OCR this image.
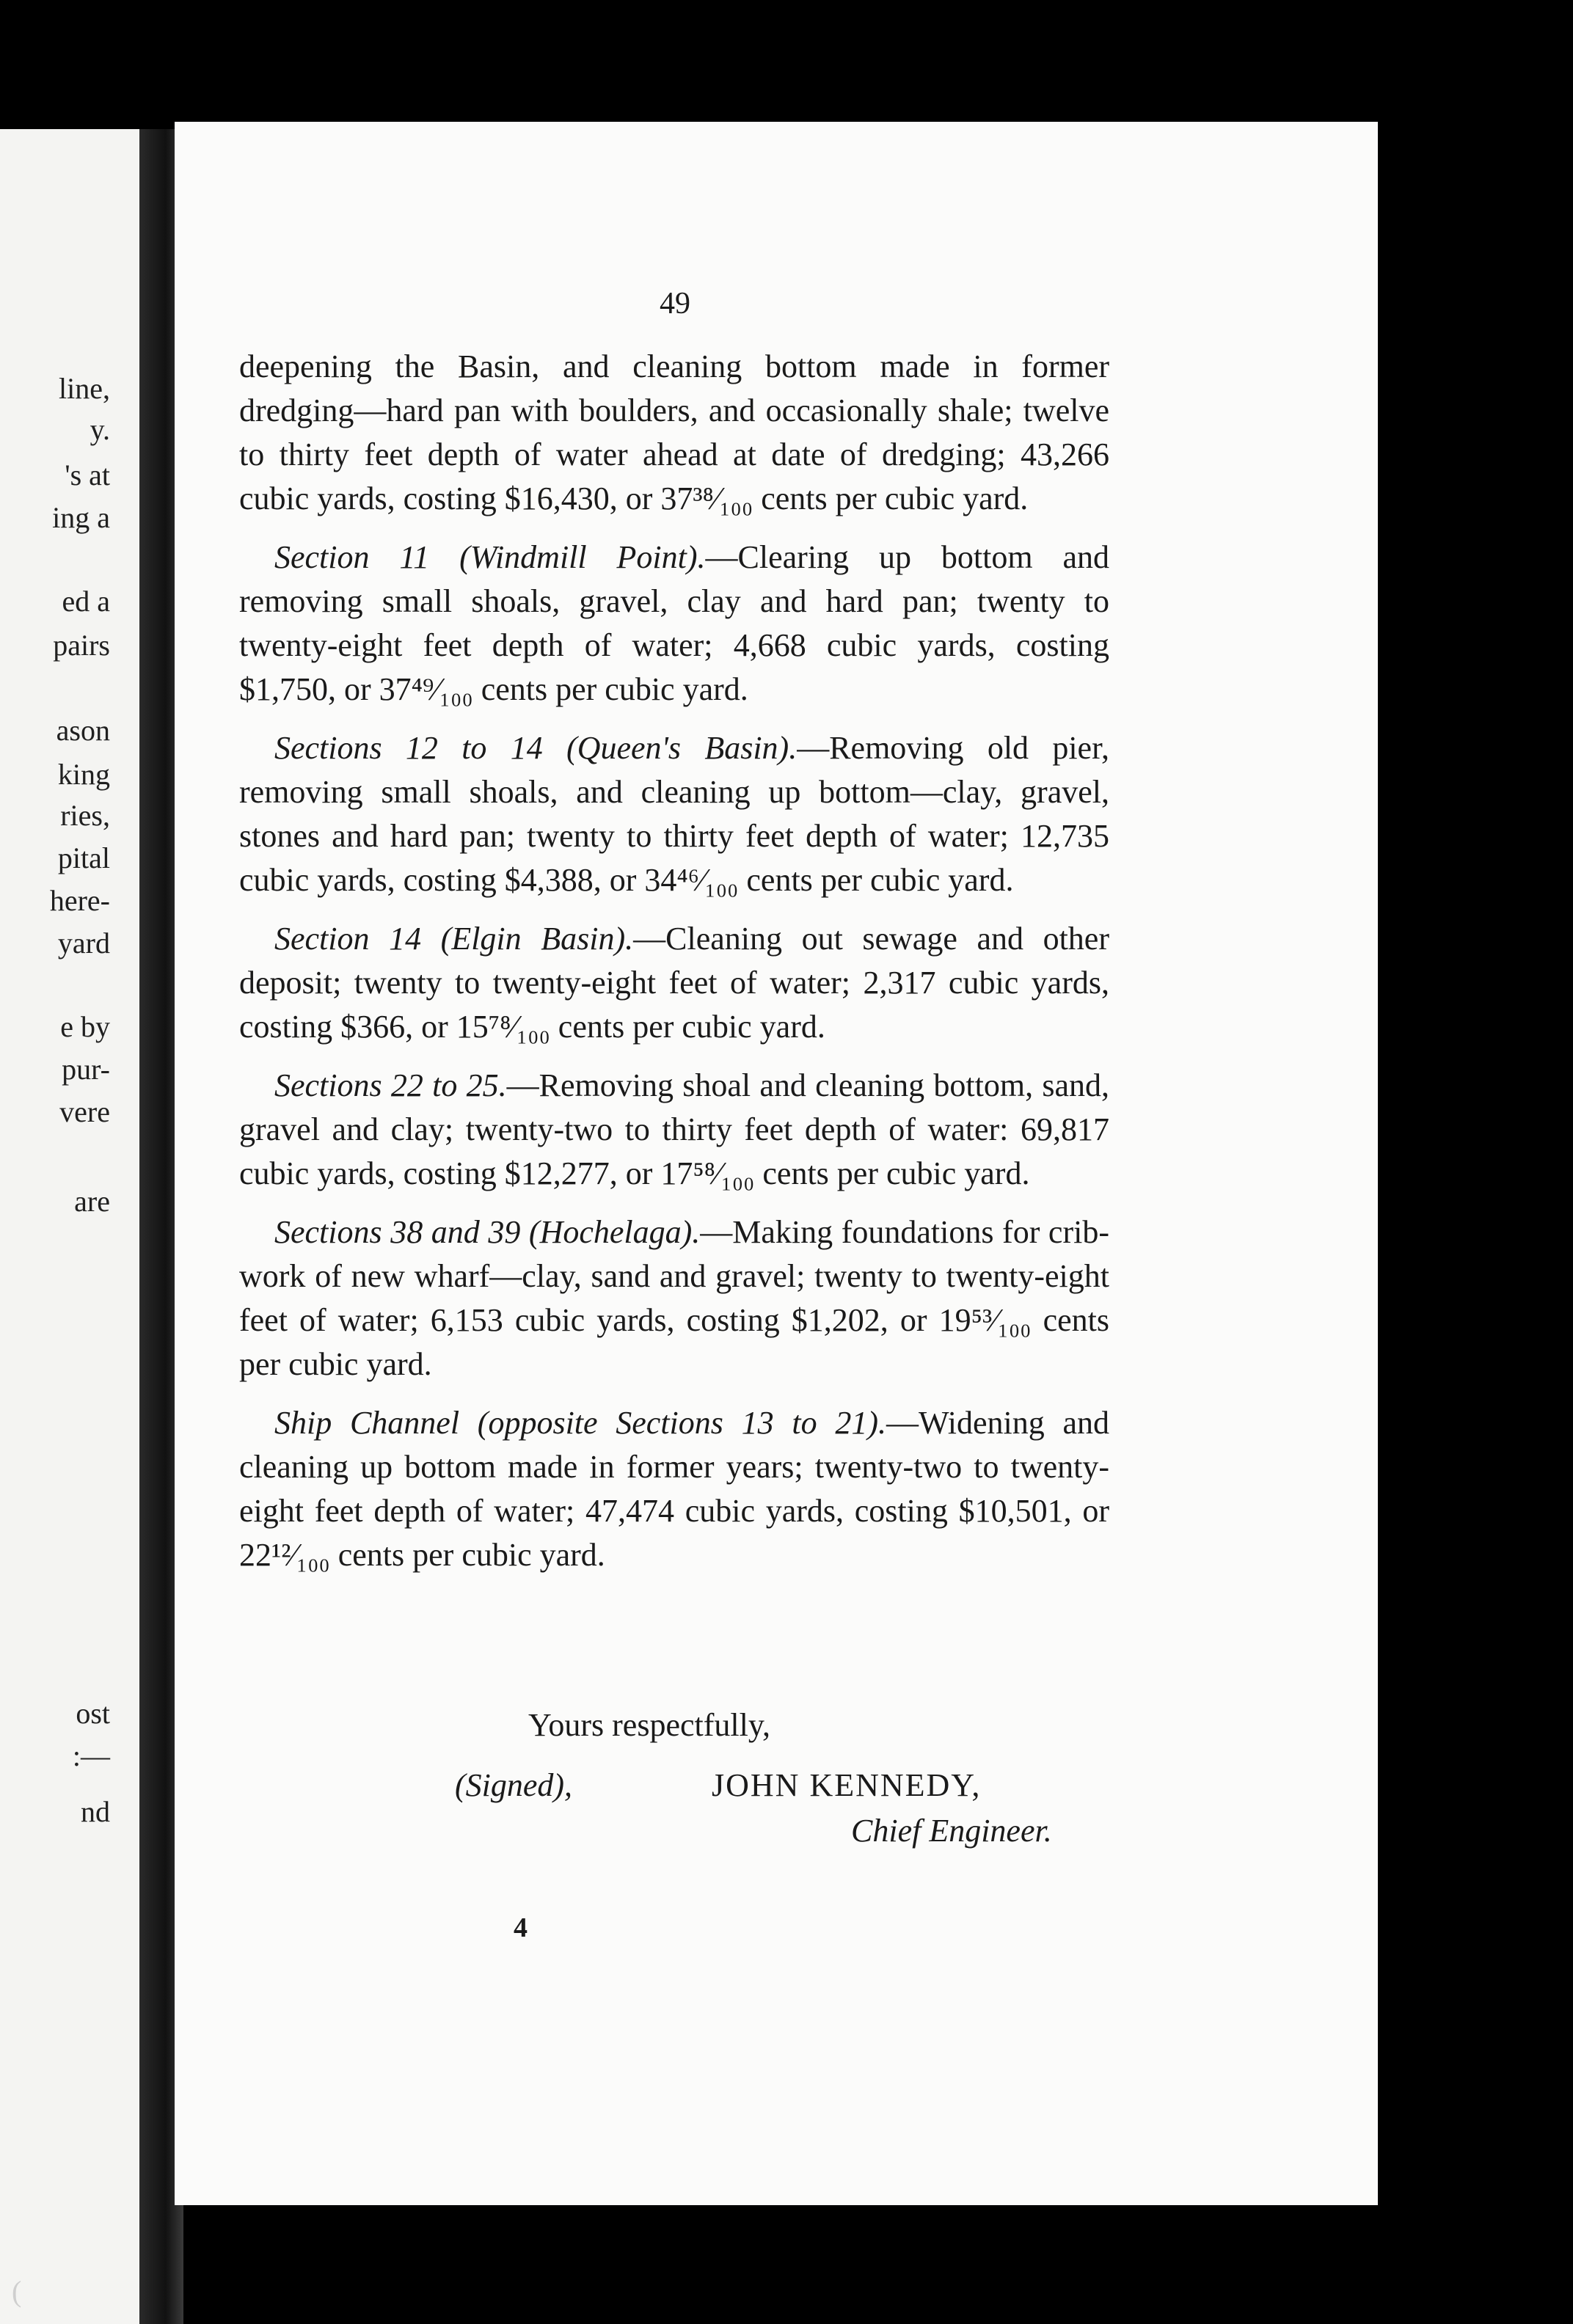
line,
y.
's at
ing a
ed a
pairs
ason
king
ries,
pital
here-
yard
e by
pur-
vere
are
ost
:—
nd
49

deepening the Basin, and cleaning bottom made in former dredging—hard pan with boulders, and occasionally shale; twelve to thirty feet depth of water ahead at date of dredging; 43,266 cubic yards, costing $16,430, or 37³⁸⁄₁₀₀ cents per cubic yard.

Section 11 (Windmill Point).—Clearing up bottom and removing small shoals, gravel, clay and hard pan; twenty to twenty-eight feet depth of water; 4,668 cubic yards, costing $1,750, or 37⁴⁹⁄₁₀₀ cents per cubic yard.

Sections 12 to 14 (Queen's Basin).—Removing old pier, removing small shoals, and cleaning up bottom—clay, gravel, stones and hard pan; twenty to thirty feet depth of water; 12,735 cubic yards, costing $4,388, or 34⁴⁶⁄₁₀₀ cents per cubic yard.

Section 14 (Elgin Basin).—Cleaning out sewage and other deposit; twenty to twenty-eight feet of water; 2,317 cubic yards, costing $366, or 15⁷⁸⁄₁₀₀ cents per cubic yard.

Sections 22 to 25.—Removing shoal and cleaning bottom, sand, gravel and clay; twenty-two to thirty feet depth of water: 69,817 cubic yards, costing $12,277, or 17⁵⁸⁄₁₀₀ cents per cubic yard.

Sections 38 and 39 (Hochelaga).—Making foundations for crib-work of new wharf—clay, sand and gravel; twenty to twenty-eight feet of water; 6,153 cubic yards, costing $1,202, or 19⁵³⁄₁₀₀ cents per cubic yard.

Ship Channel (opposite Sections 13 to 21).—Widening and cleaning up bottom made in former years; twenty-two to twenty-eight feet depth of water; 47,474 cubic yards, costing $10,501, or 22¹²⁄₁₀₀ cents per cubic yard.

Yours respectfully,
(Signed),	JOHN KENNEDY,
Chief Engineer.
4
(
